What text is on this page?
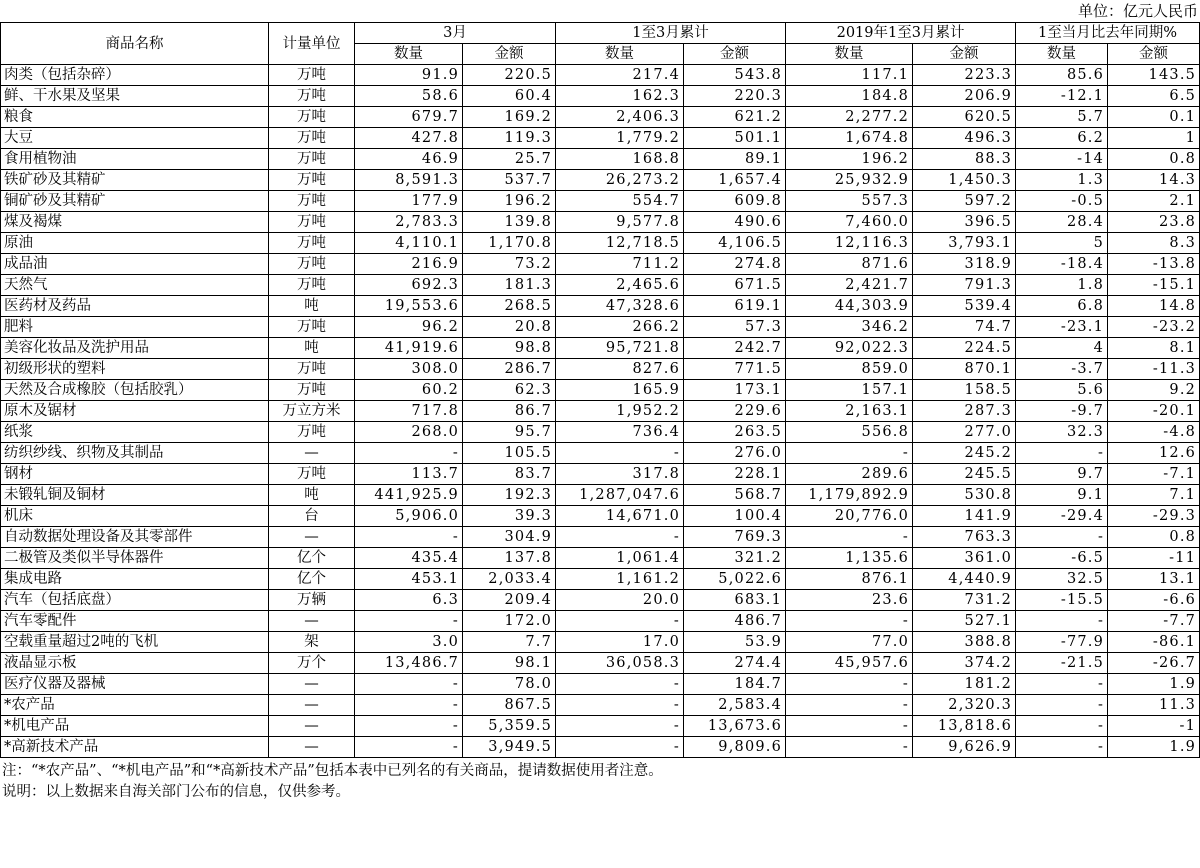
单位：亿元人民币
商品名称	计量单位	3月		1至3月累计		2019年1至3月累计		1至当月比去年同期%	
		数量	金额	数量	金额	数量	金额	数量	金额
肉类（包括杂碎）	万吨	91.9	220.5	217.4	543.8	117.1	223.3	85.6	143.5
鲜、干水果及坚果	万吨	58.6	60.4	162.3	220.3	184.8	206.9	-12.1	6.5
粮食	万吨	679.7	169.2	2,406.3	621.2	2,277.2	620.5	5.7	0.1
大豆	万吨	427.8	119.3	1,779.2	501.1	1,674.8	496.3	6.2	1
食用植物油	万吨	46.9	25.7	168.8	89.1	196.2	88.3	-14	0.8
铁矿砂及其精矿	万吨	8,591.3	537.7	26,273.2	1,657.4	25,932.9	1,450.3	1.3	14.3
铜矿砂及其精矿	万吨	177.9	196.2	554.7	609.8	557.3	597.2	-0.5	2.1
煤及褐煤	万吨	2,783.3	139.8	9,577.8	490.6	7,460.0	396.5	28.4	23.8
原油	万吨	4,110.1	1,170.8	12,718.5	4,106.5	12,116.3	3,793.1	5	8.3
成品油	万吨	216.9	73.2	711.2	274.8	871.6	318.9	-18.4	-13.8
天然气	万吨	692.3	181.3	2,465.6	671.5	2,421.7	791.3	1.8	-15.1
医药材及药品	吨	19,553.6	268.5	47,328.6	619.1	44,303.9	539.4	6.8	14.8
肥料	万吨	96.2	20.8	266.2	57.3	346.2	74.7	-23.1	-23.2
美容化妆品及洗护用品	吨	41,919.6	98.8	95,721.8	242.7	92,022.3	224.5	4	8.1
初级形状的塑料	万吨	308.0	286.7	827.6	771.5	859.0	870.1	-3.7	-11.3
天然及合成橡胶（包括胶乳）	万吨	60.2	62.3	165.9	173.1	157.1	158.5	5.6	9.2
原木及锯材	万立方米	717.8	86.7	1,952.2	229.6	2,163.1	287.3	-9.7	-20.1
纸浆	万吨	268.0	95.7	736.4	263.5	556.8	277.0	32.3	-4.8
纺织纱线、织物及其制品	—	-	105.5	-	276.0	-	245.2	-	12.6
钢材	万吨	113.7	83.7	317.8	228.1	289.6	245.5	9.7	-7.1
未锻轧铜及铜材	吨	441,925.9	192.3	1,287,047.6	568.7	1,179,892.9	530.8	9.1	7.1
机床	台	5,906.0	39.3	14,671.0	100.4	20,776.0	141.9	-29.4	-29.3
自动数据处理设备及其零部件	—	-	304.9	-	769.3	-	763.3	-	0.8
二极管及类似半导体器件	亿个	435.4	137.8	1,061.4	321.2	1,135.6	361.0	-6.5	-11
集成电路	亿个	453.1	2,033.4	1,161.2	5,022.6	876.1	4,440.9	32.5	13.1
汽车（包括底盘）	万辆	6.3	209.4	20.0	683.1	23.6	731.2	-15.5	-6.6
汽车零配件	—	-	172.0	-	486.7	-	527.1	-	-7.7
空载重量超过2吨的飞机	架	3.0	7.7	17.0	53.9	77.0	388.8	-77.9	-86.1
液晶显示板	万个	13,486.7	98.1	36,058.3	274.4	45,957.6	374.2	-21.5	-26.7
医疗仪器及器械	—	-	78.0	-	184.7	-	181.2	-	1.9
*农产品	—	-	867.5	-	2,583.4	-	2,320.3	-	11.3
*机电产品	—	-	5,359.5	-	13,673.6	-	13,818.6	-	-1
*高新技术产品	—	-	3,949.5	-	9,809.6	-	9,626.9	-	1.9
注：“*农产品”、“*机电产品”和“*高新技术产品”包括本表中已列名的有关商品，提请数据使用者注意。
说明：以上数据来自海关部门公布的信息，仅供参考。
